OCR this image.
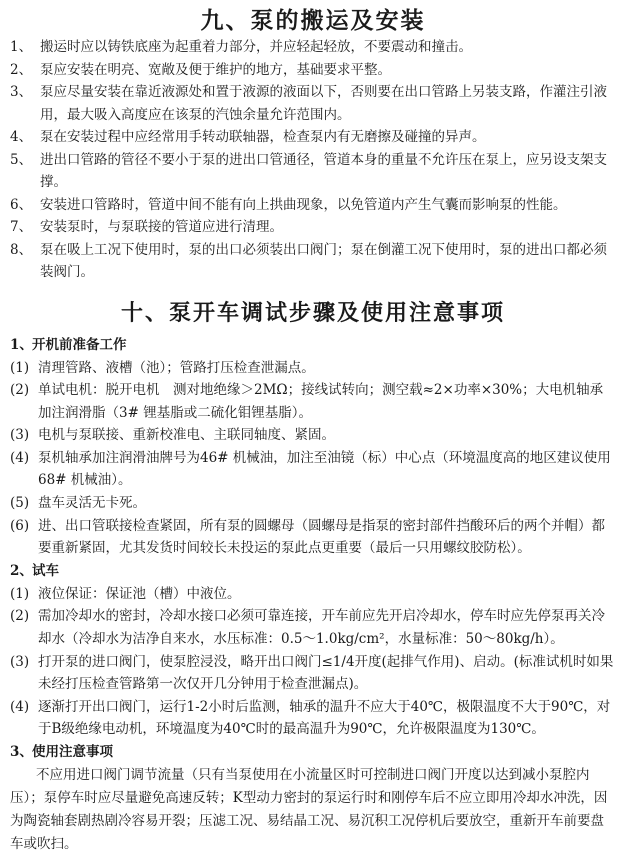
九、泵的搬运及安装
1、 搬运时应以铸铁底座为起重着力部分，并应轻起轻放，不要震动和撞击。
2、 泵应安装在明亮、宽敞及便于维护的地方，基础要求平整。
3、 泵应尽量安装在靠近液源处和置于液源的液面以下，否则要在出口管路上另装支路，作灌注引液用，最大吸入高度应在该泵的汽蚀余量允许范围内。
4、 泵在安装过程中应经常用手转动联轴器，检查泵内有无磨擦及碰撞的异声。
5、 进出口管路的管径不要小于泵的进出口管通径，管道本身的重量不允许压在泵上，应另设支架支撑。
6、 安装进口管路时，管道中间不能有向上拱曲现象，以免管道内产生气囊而影响泵的性能。
7、 安装泵时，与泵联接的管道应进行清理。
8、 泵在吸上工况下使用时，泵的出口必须装出口阀门；泵在倒灌工况下使用时，泵的进出口都必须装阀门。
十、泵开车调试步骤及使用注意事项
1、开机前准备工作
(1) 清理管路、液槽（池）；管路打压检查泄漏点。
(2) 单试电机：脱开电机　测对地绝缘＞2MΩ；接线试转向；测空载≈2×功率×30%；大电机轴承加注润滑脂（3# 锂基脂或二硫化钼锂基脂）。
(3) 电机与泵联接、重新校准电、主联同轴度、紧固。
(4) 泵机轴承加注润滑油牌号为46# 机械油，加注至油镜（标）中心点（环境温度高的地区建议使用68# 机械油）。
(5) 盘车灵活无卡死。
(6) 进、出口管联接检查紧固，所有泵的圆螺母（圆螺母是指泵的密封部件挡酸环后的两个并帽）都要重新紧固，尤其发货时间较长未投运的泵此点更重要（最后一只用螺纹胶防松）。
2、试车
(1) 液位保证：保证池（槽）中液位。
(2) 需加冷却水的密封，冷却水接口必须可靠连接，开车前应先开启冷却水，停车时应先停泵再关冷却水（冷却水为洁净自来水，水压标准：0.5～1.0kg/cm²，水量标准：50～80kg/h）。
(3) 打开泵的进口阀门，使泵腔浸没，略开出口阀门≤1/4开度(起排气作用)、启动。(标准试机时如果未经打压检查管路第一次仅开几分钟用于检查泄漏点)。
(4) 逐渐打开出口阀门，运行1-2小时后监测，轴承的温升不应大于40℃，极限温度不大于90℃，对于B级绝缘电动机，环境温度为40℃时的最高温升为90℃，允许极限温度为130℃。
3、使用注意事项
不应用进口阀门调节流量（只有当泵使用在小流量区时可控制进口阀门开度以达到减小泵腔内压）；泵停车时应尽量避免高速反转；K型动力密封的泵运行时和刚停车后不应立即用冷却水冲洗，因为陶瓷轴套剧热剧冷容易开裂；压滤工况、易结晶工况、易沉积工况停机后要放空，重新开车前要盘车或吹扫。
